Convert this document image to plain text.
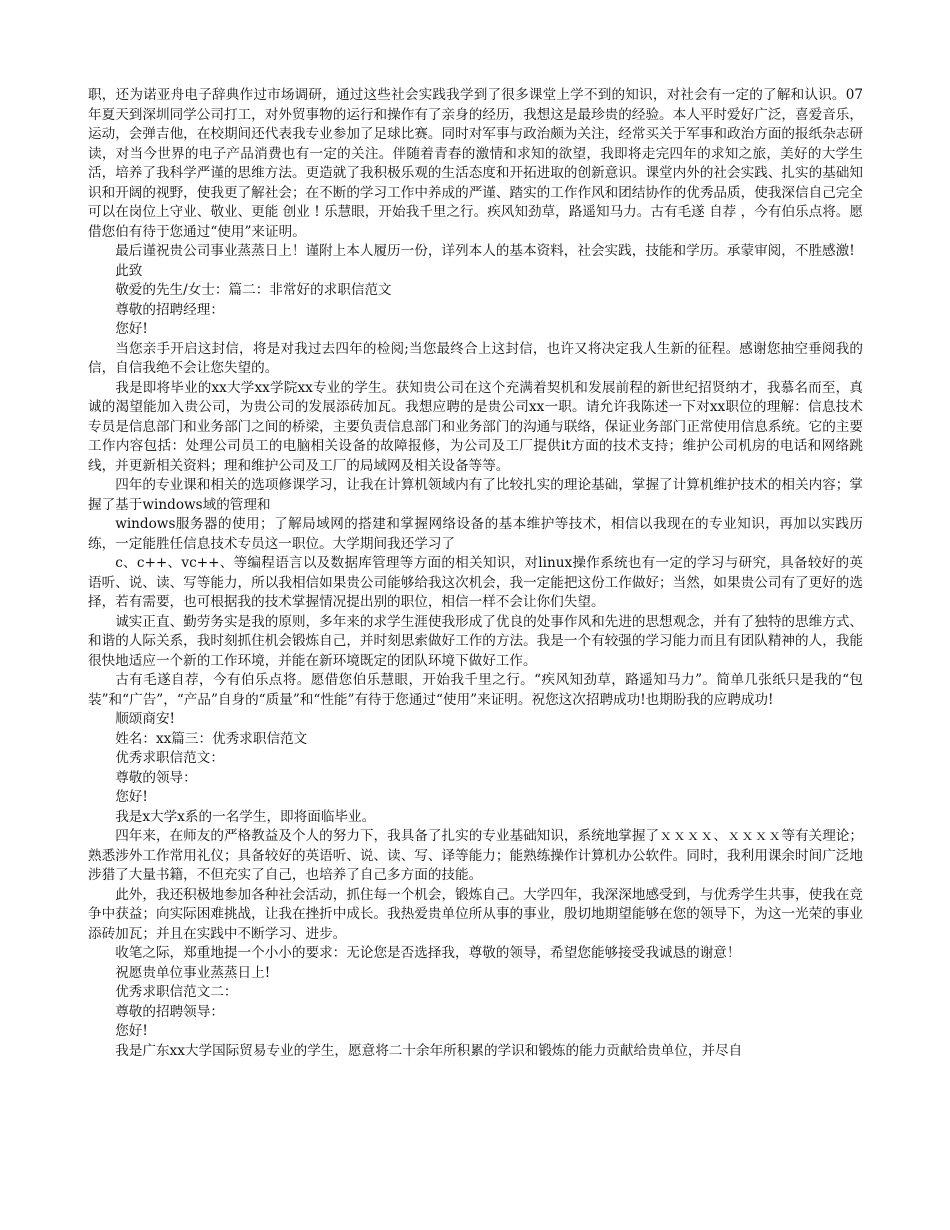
职，还为诺亚舟电子辞典作过市场调研，通过这些社会实践我学到了很多课堂上学不到的知识，对社会有一定的了解和认识。07年夏天到深圳同学公司打工，对外贸事物的运行和操作有了亲身的经历，我想这是最珍贵的经验。本人平时爱好广泛，喜爱音乐，运动，会弹吉他，在校期间还代表我专业参加了足球比赛。同时对军事与政治颇为关注，经常买关于军事和政治方面的报纸杂志研读，对当今世界的电子产品消费也有一定的关注。伴随着青春的激情和求知的欲望，我即将走完四年的求知之旅，美好的大学生活，培养了我科学严谨的思维方法。更造就了我积极乐观的生活态度和开拓进取的创新意识。课堂内外的社会实践、扎实的基础知识和开阔的视野，使我更了解社会；在不断的学习工作中养成的严谨、踏实的工作作风和团结协作的优秀品质，使我深信自己完全可以在岗位上守业、敬业、更能 创业 ! 乐慧眼，开始我千里之行。疾风知劲草，路遥知马力。古有毛遂 自荐 ，今有伯乐点将。愿借您伯有待于您通过“使用”来证明。

最后谨祝贵公司事业蒸蒸日上！谨附上本人履历一份，详列本人的基本资料，社会实践，技能和学历。承蒙审阅，不胜感激!

此致

敬爱的先生/女士：篇二：非常好的求职信范文

尊敬的招聘经理：

您好!

当您亲手开启这封信，将是对我过去四年的检阅;当您最终合上这封信，也许又将决定我人生新的征程。感谢您抽空垂阅我的信，自信我绝不会让您失望的。

我是即将毕业的xx大学xx学院xx专业的学生。获知贵公司在这个充满着契机和发展前程的新世纪招贤纳才，我慕名而至，真诚的渴望能加入贵公司，为贵公司的发展添砖加瓦。我想应聘的是贵公司xx一职。请允许我陈述一下对xx职位的理解：信息技术专员是信息部门和业务部门之间的桥梁，主要负责信息部门和业务部门的沟通与联络，保证业务部门正常使用信息系统。它的主要工作内容包括：处理公司员工的电脑相关设备的故障报修，为公司及工厂提供it方面的技术支持；维护公司机房的电话和网络跳线，并更新相关资料；理和维护公司及工厂的局域网及相关设备等等。

四年的专业课和相关的选项修课学习，让我在计算机领域内有了比较扎实的理论基础，掌握了计算机维护技术的相关内容；掌握了基于windows域的管理和

windows服务器的使用；了解局域网的搭建和掌握网络设备的基本维护等技术，相信以我现在的专业知识，再加以实践历练，一定能胜任信息技术专员这一职位。大学期间我还学习了

c、c++、vc++、等编程语言以及数据库管理等方面的相关知识，对linux操作系统也有一定的学习与研究，具备较好的英语听、说、读、写等能力，所以我相信如果贵公司能够给我这次机会，我一定能把这份工作做好；当然，如果贵公司有了更好的选择，若有需要，也可根据我的技术掌握情况提出别的职位，相信一样不会让你们失望。

诚实正直、勤劳务实是我的原则，多年来的求学生涯使我形成了优良的处事作风和先进的思想观念，并有了独特的思维方式、和谐的人际关系，我时刻抓住机会锻炼自己，并时刻思索做好工作的方法。我是一个有较强的学习能力而且有团队精神的人，我能很快地适应一个新的工作环境，并能在新环境既定的团队环境下做好工作。

古有毛遂自荐，今有伯乐点将。愿借您伯乐慧眼，开始我千里之行。“疾风知劲草，路遥知马力”。简单几张纸只是我的“包装”和“广告”，“产品”自身的“质量”和“性能”有待于您通过“使用”来证明。祝您这次招聘成功!也期盼我的应聘成功!

顺颂商安!

姓名：xx篇三：优秀求职信范文

优秀求职信范文：

尊敬的领导：

您好!

我是x大学x系的一名学生，即将面临毕业。

四年来，在师友的严格教益及个人的努力下，我具备了扎实的专业基础知识，系统地掌握了ｘｘｘｘ、ｘｘｘｘ等有关理论；熟悉涉外工作常用礼仪；具备较好的英语听、说、读、写、译等能力；能熟练操作计算机办公软件。同时，我利用课余时间广泛地涉猎了大量书籍，不但充实了自己，也培养了自己多方面的技能。

此外，我还积极地参加各种社会活动，抓住每一个机会，锻炼自己。大学四年，我深深地感受到，与优秀学生共事，使我在竞争中获益；向实际困难挑战，让我在挫折中成长。我热爱贵单位所从事的事业，殷切地期望能够在您的领导下，为这一光荣的事业添砖加瓦；并且在实践中不断学习、进步。

收笔之际，郑重地提一个小小的要求：无论您是否选择我，尊敬的领导，希望您能够接受我诚恳的谢意！

祝愿贵单位事业蒸蒸日上!

优秀求职信范文二：

尊敬的招聘领导：

您好!

我是广东xx大学国际贸易专业的学生，愿意将二十余年所积累的学识和锻炼的能力贡献给贵单位，并尽自
